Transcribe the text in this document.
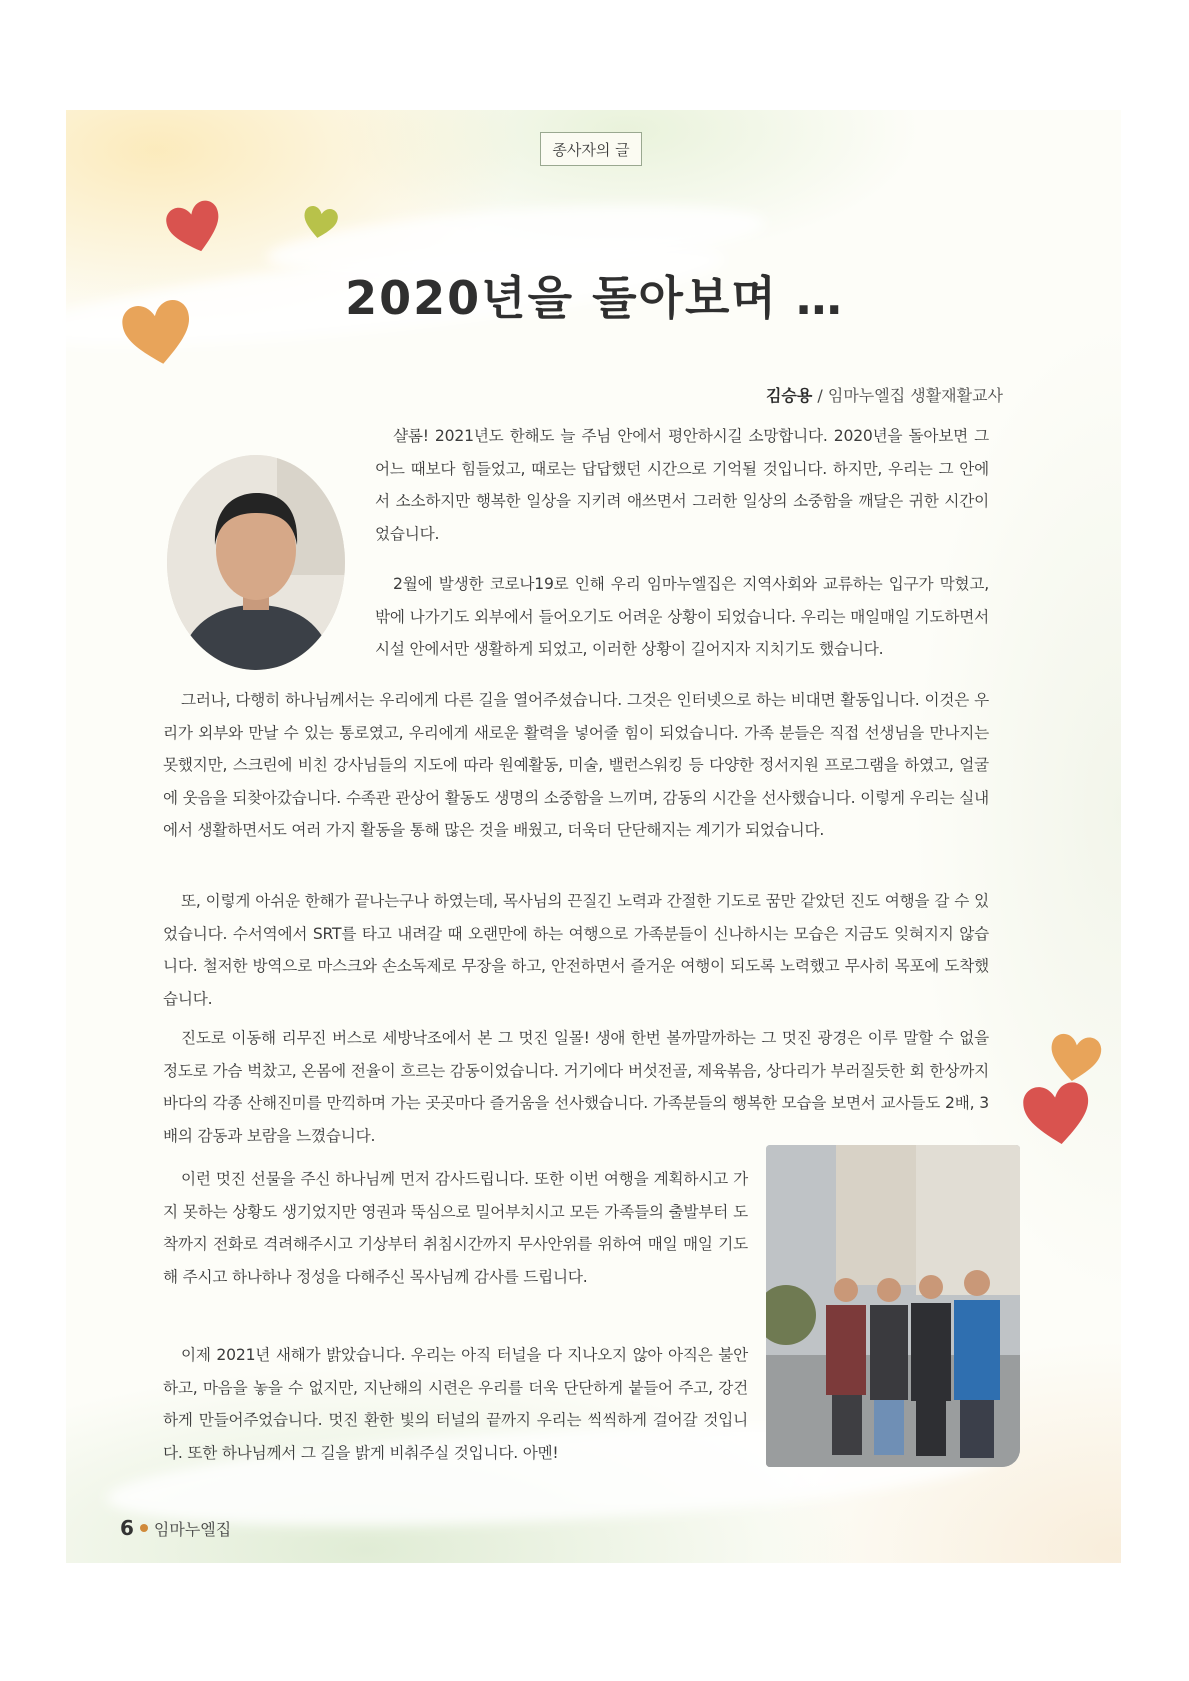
종사자의 글
2020년을 돌아보며 …
김승용 / 임마누엘집 생활재활교사

샬롬! 2021년도 한해도 늘 주님 안에서 평안하시길 소망합니다. 2020년을 돌아보면 그 어느 때보다 힘들었고, 때로는 답답했던 시간으로 기억될 것입니다. 하지만, 우리는 그 안에서 소소하지만 행복한 일상을 지키려 애쓰면서 그러한 일상의 소중함을 깨달은 귀한 시간이었습니다.

2월에 발생한 코로나19로 인해 우리 임마누엘집은 지역사회와 교류하는 입구가 막혔고, 밖에 나가기도 외부에서 들어오기도 어려운 상황이 되었습니다. 우리는 매일매일 기도하면서 시설 안에서만 생활하게 되었고, 이러한 상황이 길어지자 지치기도 했습니다.

그러나, 다행히 하나님께서는 우리에게 다른 길을 열어주셨습니다. 그것은 인터넷으로 하는 비대면 활동입니다. 이것은 우리가 외부와 만날 수 있는 통로였고, 우리에게 새로운 활력을 넣어줄 힘이 되었습니다. 가족 분들은 직접 선생님을 만나지는 못했지만, 스크린에 비친 강사님들의 지도에 따라 원예활동, 미술, 밸런스워킹 등 다양한 정서지원 프로그램을 하였고, 얼굴에 웃음을 되찾아갔습니다. 수족관 관상어 활동도 생명의 소중함을 느끼며, 감동의 시간을 선사했습니다. 이렇게 우리는 실내에서 생활하면서도 여러 가지 활동을 통해 많은 것을 배웠고, 더욱더 단단해지는 계기가 되었습니다.

또, 이렇게 아쉬운 한해가 끝나는구나 하였는데, 목사님의 끈질긴 노력과 간절한 기도로 꿈만 같았던 진도 여행을 갈 수 있었습니다. 수서역에서 SRT를 타고 내려갈 때 오랜만에 하는 여행으로 가족분들이 신나하시는 모습은 지금도 잊혀지지 않습니다. 철저한 방역으로 마스크와 손소독제로 무장을 하고, 안전하면서 즐거운 여행이 되도록 노력했고 무사히 목포에 도착했습니다.

진도로 이동해 리무진 버스로 세방낙조에서 본 그 멋진 일몰! 생애 한번 볼까말까하는 그 멋진 광경은 이루 말할 수 없을 정도로 가슴 벅찼고, 온몸에 전율이 흐르는 감동이었습니다. 거기에다 버섯전골, 제육볶음, 상다리가 부러질듯한 회 한상까지 바다의 각종 산해진미를 만끽하며 가는 곳곳마다 즐거움을 선사했습니다. 가족분들의 행복한 모습을 보면서 교사들도 2배, 3배의 감동과 보람을 느꼈습니다.

이런 멋진 선물을 주신 하나님께 먼저 감사드립니다. 또한 이번 여행을 계획하시고 가지 못하는 상황도 생기었지만 영권과 뚝심으로 밀어부치시고 모든 가족들의 출발부터 도착까지 전화로 격려해주시고 기상부터 취침시간까지 무사안위를 위하여 매일 매일 기도해 주시고 하나하나 정성을 다해주신 목사님께 감사를 드립니다.

이제 2021년 새해가 밝았습니다. 우리는 아직 터널을 다 지나오지 않아 아직은 불안하고, 마음을 놓을 수 없지만, 지난해의 시련은 우리를 더욱 단단하게 붙들어 주고, 강건하게 만들어주었습니다. 멋진 환한 빛의 터널의 끝까지 우리는 씩씩하게 걸어갈 것입니다. 또한 하나님께서 그 길을 밝게 비춰주실 것입니다. 아멘!

6 임마누엘집
